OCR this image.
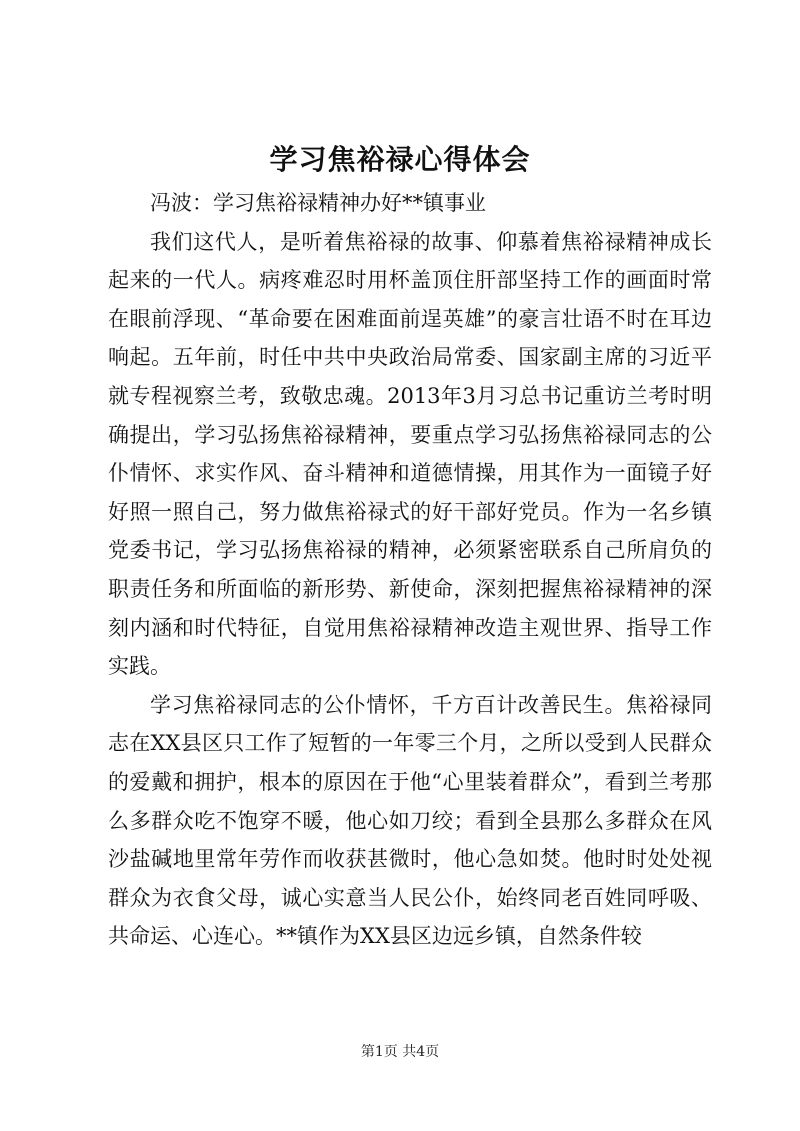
学习焦裕禄心得体会

冯波：学习焦裕禄精神办好**镇事业

我们这代人，是听着焦裕禄的故事、仰慕着焦裕禄精神成长起来的一代人。病疼难忍时用杯盖顶住肝部坚持工作的画面时常在眼前浮现、“革命要在困难面前逞英雄”的豪言壮语不时在耳边响起。五年前，时任中共中央政治局常委、国家副主席的习近平就专程视察兰考，致敬忠魂。2013年3月习总书记重访兰考时明确提出，学习弘扬焦裕禄精神，要重点学习弘扬焦裕禄同志的公仆情怀、求实作风、奋斗精神和道德情操，用其作为一面镜子好好照一照自己，努力做焦裕禄式的好干部好党员。作为一名乡镇党委书记，学习弘扬焦裕禄的精神，必须紧密联系自己所肩负的职责任务和所面临的新形势、新使命，深刻把握焦裕禄精神的深刻内涵和时代特征，自觉用焦裕禄精神改造主观世界、指导工作实践。

学习焦裕禄同志的公仆情怀，千方百计改善民生。焦裕禄同志在XX县区只工作了短暂的一年零三个月，之所以受到人民群众的爱戴和拥护，根本的原因在于他“心里装着群众”，看到兰考那么多群众吃不饱穿不暖，他心如刀绞；看到全县那么多群众在风沙盐碱地里常年劳作而收获甚微时，他心急如焚。他时时处处视群众为衣食父母，诚心实意当人民公仆，始终同老百姓同呼吸、共命运、心连心。**镇作为XX县区边远乡镇，自然条件较

第1页 共4页
